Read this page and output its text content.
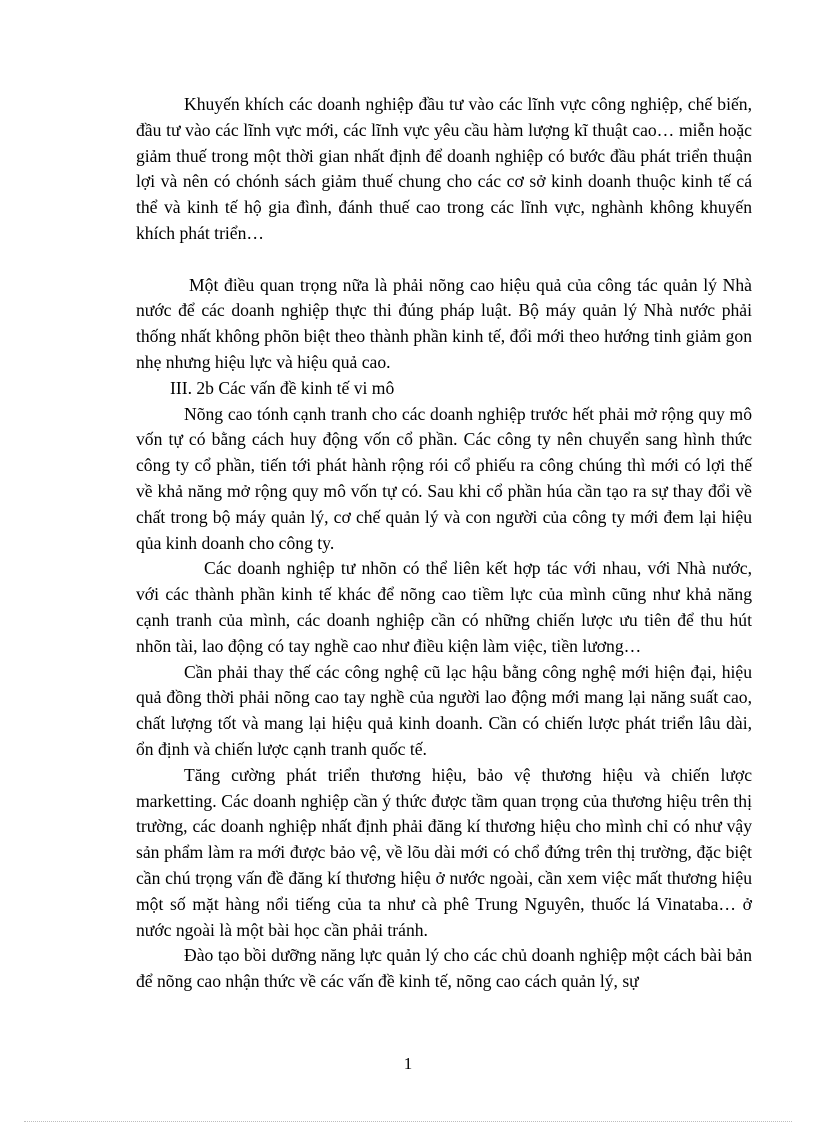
Khuyến khích các doanh nghiệp đầu tư vào các lĩnh vực công nghiệp, chế biến, đầu tư vào các lĩnh vực mới, các lĩnh vực yêu cầu hàm lượng kĩ thuật cao… miễn hoặc giảm thuế trong một thời gian nhất định để doanh nghiệp có bước đầu phát triển thuận lợi và nên có chónh sách giảm thuế chung cho các cơ sở kinh doanh thuộc kinh tế cá thể và kinh tế hộ gia đình, đánh thuế cao trong các lĩnh vực, nghành không khuyến khích phát triển…

Một điều quan trọng nữa là phải nõng cao hiệu quả của công tác quản lý Nhà nước để các doanh nghiệp thực thi đúng pháp luật. Bộ máy quản lý Nhà nước phải thống nhất không phõn biệt theo thành phần kinh tế, đổi mới theo hướng tinh giảm gon nhẹ nhưng hiệu lực và hiệu quả cao.

III. 2b Các vấn đề kinh tế vi mô

Nõng cao tónh cạnh tranh cho các doanh nghiệp trước hết phải mở rộng quy mô vốn tự có bằng cách huy động vốn cổ phần. Các công ty nên chuyển sang hình thức công ty cổ phần, tiến tới phát hành rộng rói cổ phiếu ra công chúng thì mới có lợi thế về khả năng mở rộng quy mô vốn tự có. Sau khi cổ phần húa cần tạo ra sự thay đổi về chất trong bộ máy quản lý, cơ chế quản lý và con người của công ty mới đem lại hiệu qủa kinh doanh cho công ty.

Các doanh nghiệp tư nhõn có thể liên kết hợp tác với nhau, với Nhà nước, với các thành phần kinh tế khác để nõng cao tiềm lực của mình cũng như khả năng cạnh tranh của mình, các doanh nghiệp cần có những chiến lược ưu tiên để thu hút nhõn tài, lao động có tay nghề cao như điều kiện làm việc, tiền lương…

Cần phải thay thế các công nghệ cũ lạc hậu bằng công nghệ mới hiện đại, hiệu quả đồng thời phải nõng cao tay nghề của người lao động mới mang lại năng suất cao, chất lượng tốt và mang lại hiệu quả kinh doanh. Cần có chiến lược phát triển lâu dài, ổn định và chiến lược cạnh tranh quốc tế.

Tăng cường phát triển thương hiệu, bảo vệ thương hiệu và chiến lược marketting. Các doanh nghiệp cần ý thức được tầm quan trọng của thương hiệu trên thị trường, các doanh nghiệp nhất định phải đăng kí thương hiệu cho mình chỉ có như vậy sản phẩm làm ra mới được bảo vệ, về lõu dài mới có chổ đứng trên thị trường, đặc biệt cần chú trọng vấn đề đăng kí thương hiệu ở nước ngoài, cần xem việc mất thương hiệu một số mặt hàng nổi tiếng của ta như cà phê Trung Nguyên, thuốc lá Vinataba… ở nước ngoài là một bài học cần phải tránh.

Đào tạo bồi dưỡng năng lực quản lý cho các chủ doanh nghiệp một cách bài bản để nõng cao nhận thức về các vấn đề kinh tế, nõng cao cách quản lý, sự

1
